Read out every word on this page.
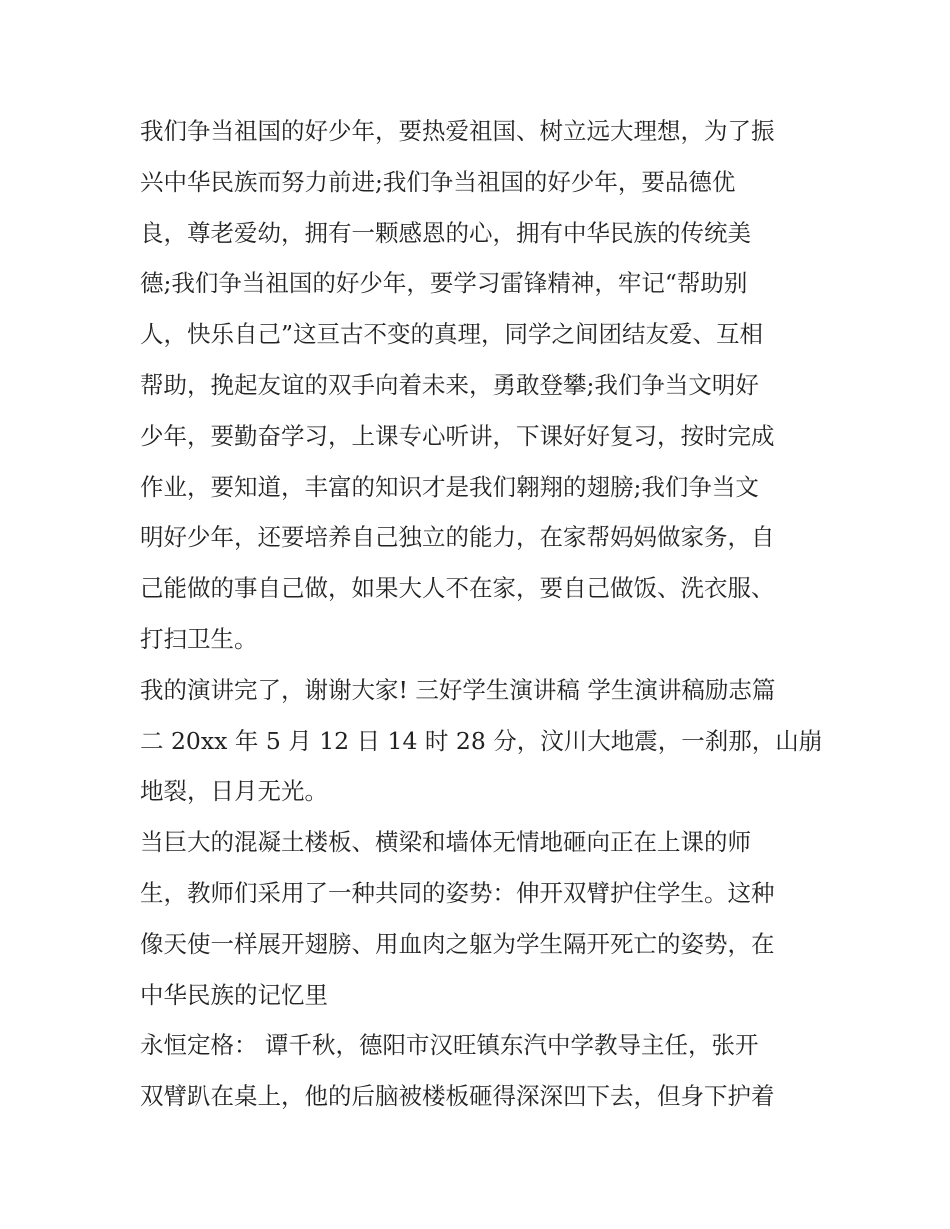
我们争当祖国的好少年，要热爱祖国、树立远大理想，为了振
兴中华民族而努力前进;我们争当祖国的好少年，要品德优
良，尊老爱幼，拥有一颗感恩的心，拥有中华民族的传统美
德;我们争当祖国的好少年，要学习雷锋精神，牢记“帮助别
人，快乐自己”这亘古不变的真理，同学之间团结友爱、互相
帮助，挽起友谊的双手向着未来，勇敢登攀;我们争当文明好
少年，要勤奋学习，上课专心听讲，下课好好复习，按时完成
作业，要知道，丰富的知识才是我们翱翔的翅膀;我们争当文
明好少年，还要培养自己独立的能力，在家帮妈妈做家务，自
己能做的事自己做，如果大人不在家，要自己做饭、洗衣服、
打扫卫生。
我的演讲完了，谢谢大家! 三好学生演讲稿 学生演讲稿励志篇
二 20xx 年 5 月 12 日 14 时 28 分，汶川大地震，一刹那，山崩
地裂，日月无光。
当巨大的混凝土楼板、横梁和墙体无情地砸向正在上课的师
生，教师们采用了一种共同的姿势：伸开双臂护住学生。这种
像天使一样展开翅膀、用血肉之躯为学生隔开死亡的姿势，在
中华民族的记忆里
永恒定格： 谭千秋，德阳市汉旺镇东汽中学教导主任，张开
双臂趴在桌上，他的后脑被楼板砸得深深凹下去，但身下护着
